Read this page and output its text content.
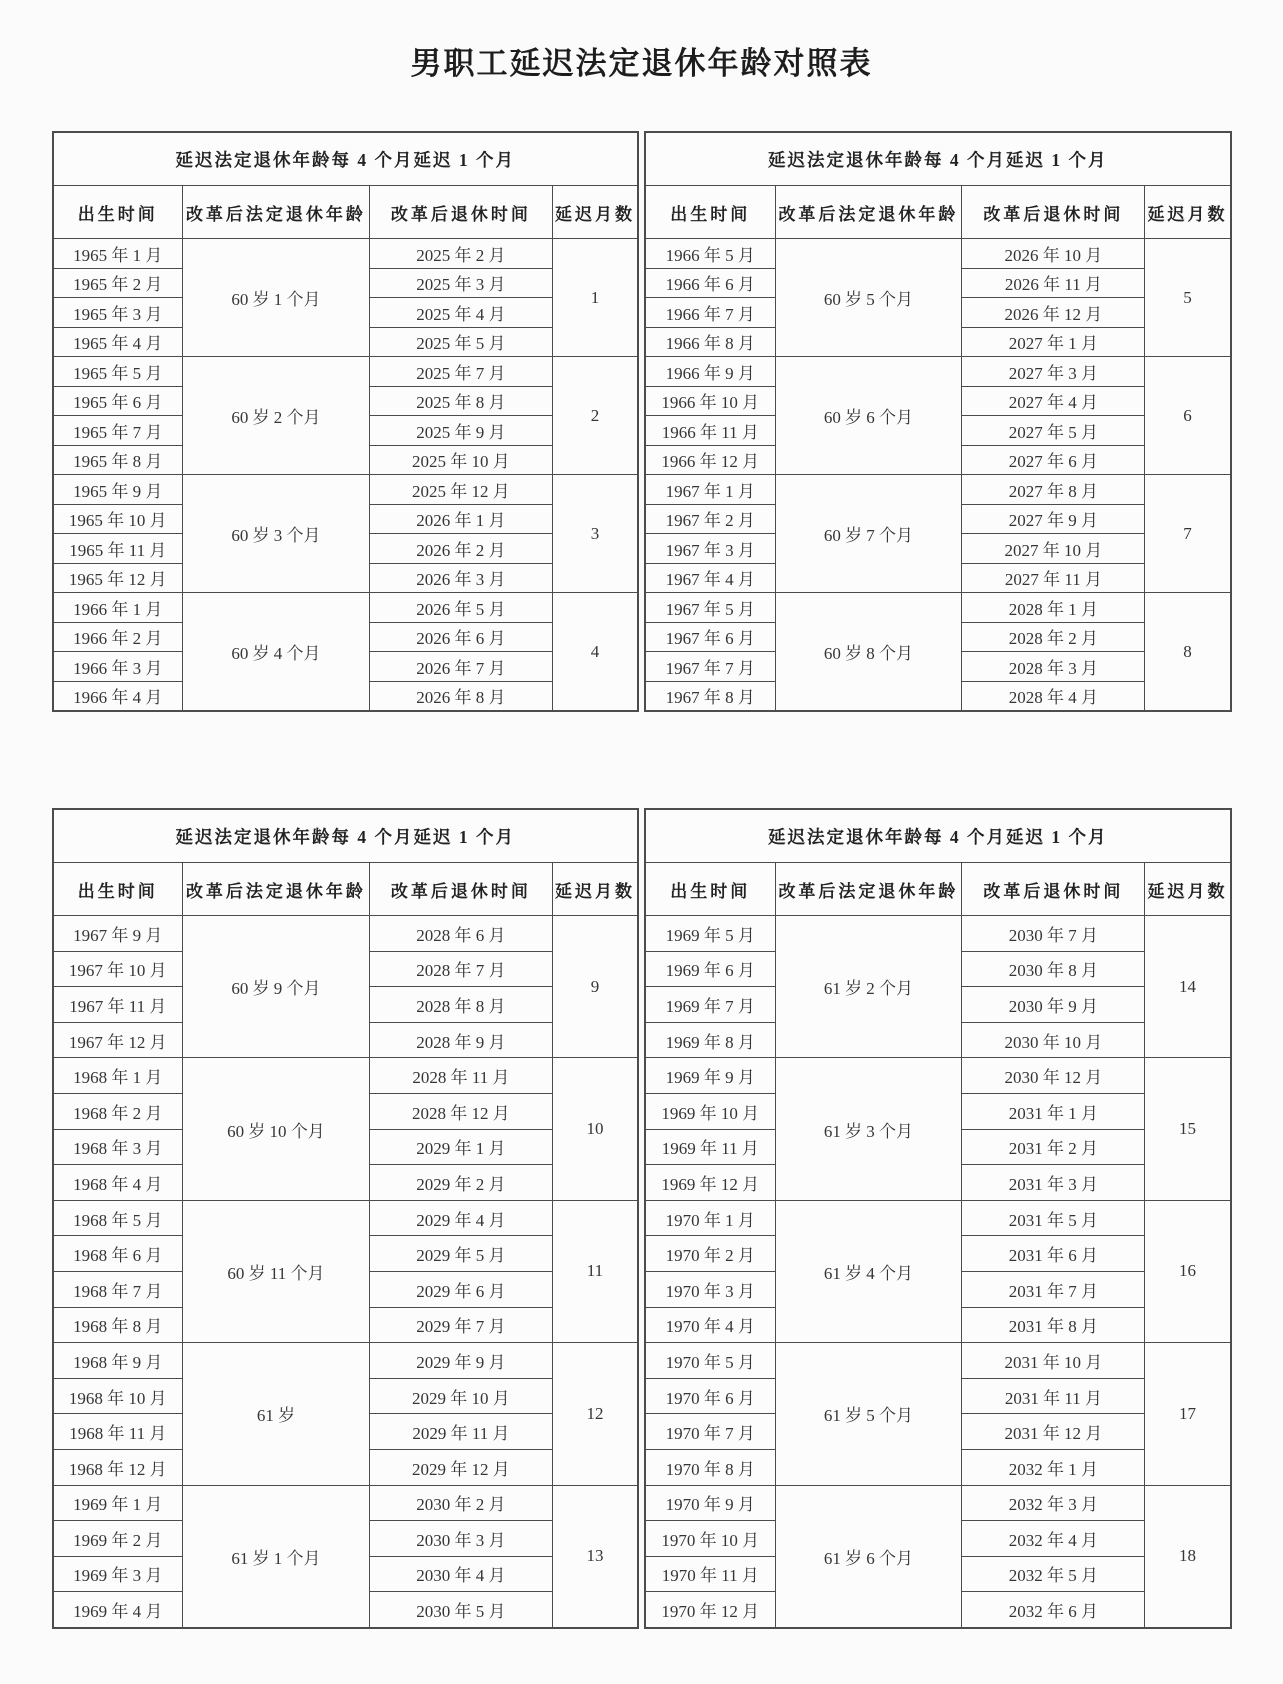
男职工延迟法定退休年龄对照表
延迟法定退休年龄每 4 个月延迟 1 个月			
出生时间	改革后法定退休年龄	改革后退休时间	延迟月数
1965 年 1 月	60 岁 1 个月	2025 年 2 月	1
1965 年 2 月		2025 年 3 月	
1965 年 3 月		2025 年 4 月	
1965 年 4 月		2025 年 5 月	
1965 年 5 月	60 岁 2 个月	2025 年 7 月	2
1965 年 6 月		2025 年 8 月	
1965 年 7 月		2025 年 9 月	
1965 年 8 月		2025 年 10 月	
1965 年 9 月	60 岁 3 个月	2025 年 12 月	3
1965 年 10 月		2026 年 1 月	
1965 年 11 月		2026 年 2 月	
1965 年 12 月		2026 年 3 月	
1966 年 1 月	60 岁 4 个月	2026 年 5 月	4
1966 年 2 月		2026 年 6 月	
1966 年 3 月		2026 年 7 月	
1966 年 4 月		2026 年 8 月	
延迟法定退休年龄每 4 个月延迟 1 个月			
出生时间	改革后法定退休年龄	改革后退休时间	延迟月数
1966 年 5 月	60 岁 5 个月	2026 年 10 月	5
1966 年 6 月		2026 年 11 月	
1966 年 7 月		2026 年 12 月	
1966 年 8 月		2027 年 1 月	
1966 年 9 月	60 岁 6 个月	2027 年 3 月	6
1966 年 10 月		2027 年 4 月	
1966 年 11 月		2027 年 5 月	
1966 年 12 月		2027 年 6 月	
1967 年 1 月	60 岁 7 个月	2027 年 8 月	7
1967 年 2 月		2027 年 9 月	
1967 年 3 月		2027 年 10 月	
1967 年 4 月		2027 年 11 月	
1967 年 5 月	60 岁 8 个月	2028 年 1 月	8
1967 年 6 月		2028 年 2 月	
1967 年 7 月		2028 年 3 月	
1967 年 8 月		2028 年 4 月	
延迟法定退休年龄每 4 个月延迟 1 个月			
出生时间	改革后法定退休年龄	改革后退休时间	延迟月数
1967 年 9 月	60 岁 9 个月	2028 年 6 月	9
1967 年 10 月		2028 年 7 月	
1967 年 11 月		2028 年 8 月	
1967 年 12 月		2028 年 9 月	
1968 年 1 月	60 岁 10 个月	2028 年 11 月	10
1968 年 2 月		2028 年 12 月	
1968 年 3 月		2029 年 1 月	
1968 年 4 月		2029 年 2 月	
1968 年 5 月	60 岁 11 个月	2029 年 4 月	11
1968 年 6 月		2029 年 5 月	
1968 年 7 月		2029 年 6 月	
1968 年 8 月		2029 年 7 月	
1968 年 9 月	61 岁	2029 年 9 月	12
1968 年 10 月		2029 年 10 月	
1968 年 11 月		2029 年 11 月	
1968 年 12 月		2029 年 12 月	
1969 年 1 月	61 岁 1 个月	2030 年 2 月	13
1969 年 2 月		2030 年 3 月	
1969 年 3 月		2030 年 4 月	
1969 年 4 月		2030 年 5 月	
延迟法定退休年龄每 4 个月延迟 1 个月			
出生时间	改革后法定退休年龄	改革后退休时间	延迟月数
1969 年 5 月	61 岁 2 个月	2030 年 7 月	14
1969 年 6 月		2030 年 8 月	
1969 年 7 月		2030 年 9 月	
1969 年 8 月		2030 年 10 月	
1969 年 9 月	61 岁 3 个月	2030 年 12 月	15
1969 年 10 月		2031 年 1 月	
1969 年 11 月		2031 年 2 月	
1969 年 12 月		2031 年 3 月	
1970 年 1 月	61 岁 4 个月	2031 年 5 月	16
1970 年 2 月		2031 年 6 月	
1970 年 3 月		2031 年 7 月	
1970 年 4 月		2031 年 8 月	
1970 年 5 月	61 岁 5 个月	2031 年 10 月	17
1970 年 6 月		2031 年 11 月	
1970 年 7 月		2031 年 12 月	
1970 年 8 月		2032 年 1 月	
1970 年 9 月	61 岁 6 个月	2032 年 3 月	18
1970 年 10 月		2032 年 4 月	
1970 年 11 月		2032 年 5 月	
1970 年 12 月		2032 年 6 月	
